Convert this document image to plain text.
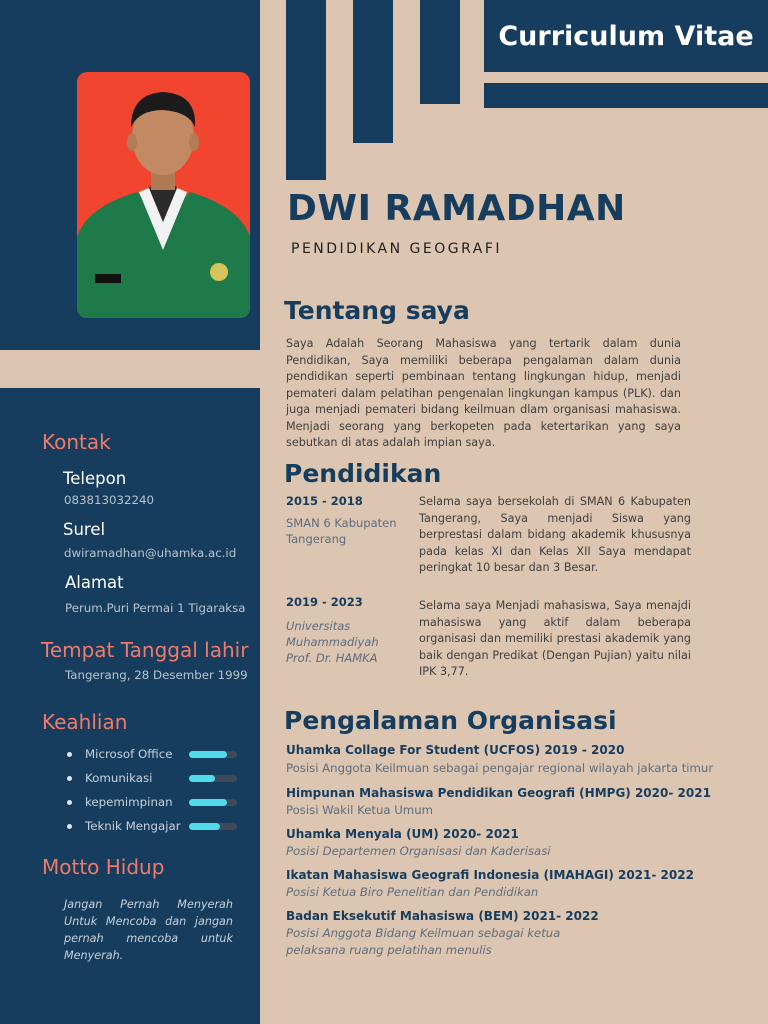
Curriculum Vitae
DWI RAMADHAN
PENDIDIKAN GEOGRAFI
Tentang saya
Saya Adalah Seorang Mahasiswa yang tertarik dalam dunia Pendidikan, Saya memiliki beberapa pengalaman dalam dunia pendidikan seperti pembinaan tentang lingkungan hidup, menjadi pemateri dalam pelatihan pengenalan lingkungan kampus (PLK). dan juga menjadi pemateri bidang keilmuan dlam organisasi mahasiswa. Menjadi seorang yang berkopeten pada ketertarikan yang saya sebutkan di atas adalah impian saya.
Pendidikan
2015 - 2018
SMAN 6 Kabupaten Tangerang
Selama saya bersekolah di SMAN 6 Kabupaten Tangerang, Saya menjadi Siswa yang berprestasi dalam bidang akademik khususnya pada kelas XI dan Kelas XII Saya mendapat peringkat 10 besar dan 3 Besar.
2019 - 2023
Universitas Muhammadiyah Prof. Dr. HAMKA
Selama saya Menjadi mahasiswa, Saya menajdi mahasiswa yang aktif dalam beberapa organisasi dan memiliki prestasi akademik yang baik dengan Predikat (Dengan Pujian) yaitu nilai IPK 3,77.
Pengalaman Organisasi
Uhamka Collage For Student (UCFOS) 2019 - 2020
Posisi Anggota Keilmuan sebagai pengajar regional wilayah jakarta timur
Himpunan Mahasiswa Pendidikan Geografi (HMPG) 2020- 2021
Posisi Wakil Ketua Umum
Uhamka Menyala (UM) 2020- 2021
Posisi Departemen Organisasi dan Kaderisasi
Ikatan Mahasiswa Geografi Indonesia (IMAHAGI) 2021- 2022
Posisi Ketua Biro Penelitian dan Pendidikan
Badan Eksekutif Mahasiswa (BEM) 2021- 2022
Posisi Anggota Bidang Keilmuan sebagai ketua pelaksana ruang pelatihan menulis
Kontak
Telepon
083813032240
Surel
dwiramadhan@uhamka.ac.id
Alamat
Perum.Puri Permai 1 Tigaraksa
Tempat Tanggal lahir
Tangerang, 28 Desember 1999
Keahlian
Microsof Office
Komunikasi
kepemimpinan
Teknik Mengajar
Motto Hidup
Jangan Pernah Menyerah Untuk Mencoba dan jangan pernah mencoba untuk Menyerah.
